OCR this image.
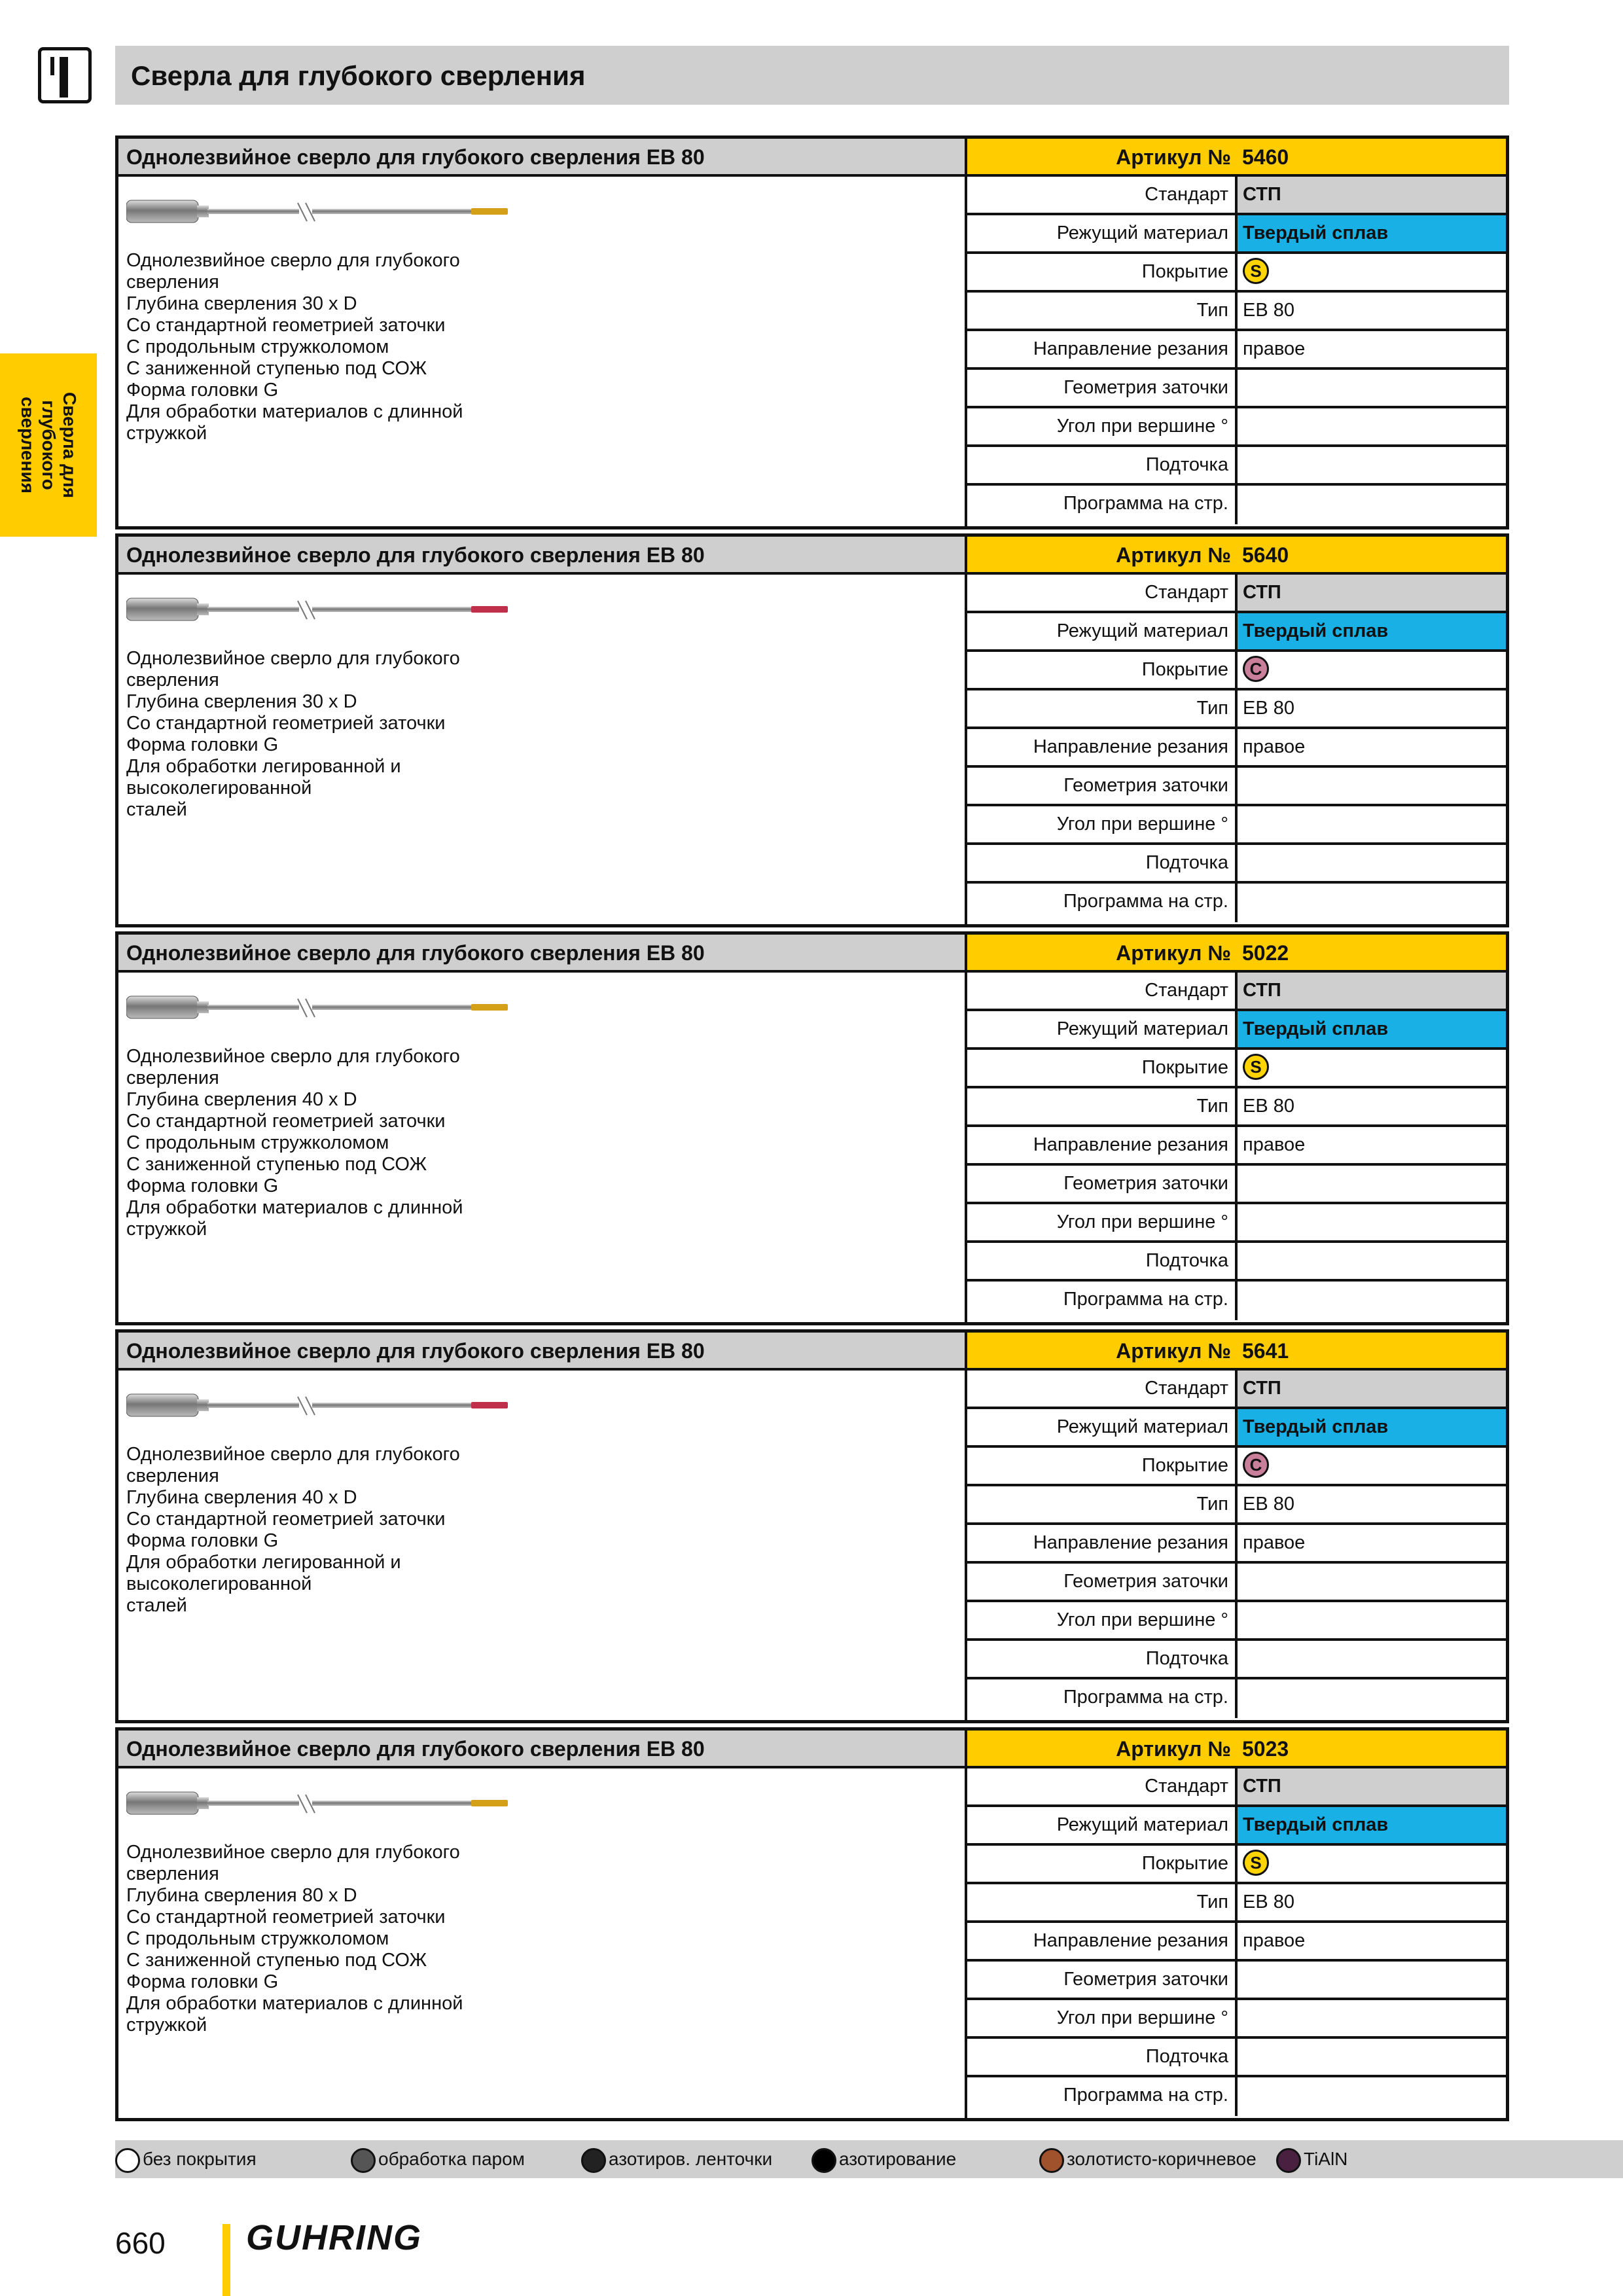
Сверла для глубокого сверления
Сверла для
глубокого
сверления
Однолезвийное сверло для глубокого сверления EB 80	Артикул № 5460
Однолезвийное сверло для глубокого
сверления
Глубина сверления 30 x D
Со стандартной геометрией заточки
С продольным стружколомом
С заниженной ступенью под СОЖ
Форма головки G
Для обработки материалов с длинной
стружкой
Стандарт СТП
Режущий материал Твердый сплав
Покрытие	S
Тип EB 80
Направление резания правое
Геометрия заточки
Угол при вершине °
Подточка
Программа на стр.
Однолезвийное сверло для глубокого сверления EB 80	Артикул № 5640
Однолезвийное сверло для глубокого
сверления
Глубина сверления 30 x D
Со стандартной геометрией заточки
Форма головки G
Для обработки легированной и
высоколегированной
сталей
Стандарт СТП
Режущий материал Твердый сплав
Покрытие	C
Тип EB 80
Направление резания правое
Геометрия заточки
Угол при вершине °
Подточка
Программа на стр.
Однолезвийное сверло для глубокого сверления EB 80	Артикул № 5022
Однолезвийное сверло для глубокого
сверления
Глубина сверления 40 x D
Со стандартной геометрией заточки
С продольным стружколомом
С заниженной ступенью под СОЖ
Форма головки G
Для обработки материалов с длинной
стружкой
Стандарт СТП
Режущий материал Твердый сплав
Покрытие	S
Тип EB 80
Направление резания правое
Геометрия заточки
Угол при вершине °
Подточка
Программа на стр.
Однолезвийное сверло для глубокого сверления EB 80	Артикул № 5641
Однолезвийное сверло для глубокого
сверления
Глубина сверления 40 x D
Со стандартной геометрией заточки
Форма головки G
Для обработки легированной и
высоколегированной
сталей
Стандарт СТП
Режущий материал Твердый сплав
Покрытие	C
Тип EB 80
Направление резания правое
Геометрия заточки
Угол при вершине °
Подточка
Программа на стр.
Однолезвийное сверло для глубокого сверления EB 80	Артикул № 5023
Однолезвийное сверло для глубокого
сверления
Глубина сверления 80 x D
Со стандартной геометрией заточки
С продольным стружколомом
С заниженной ступенью под СОЖ
Форма головки G
Для обработки материалов с длинной
стружкой
Стандарт СТП
Режущий материал Твердый сплав
Покрытие	S
Тип EB 80
Направление резания правое
Геометрия заточки
Угол при вершине °
Подточка
Программа на стр.
без покрытия	обработка паром	азотиров. ленточки	азотирование	золотисто-коричневое	TiAlN
660 GUHRING
